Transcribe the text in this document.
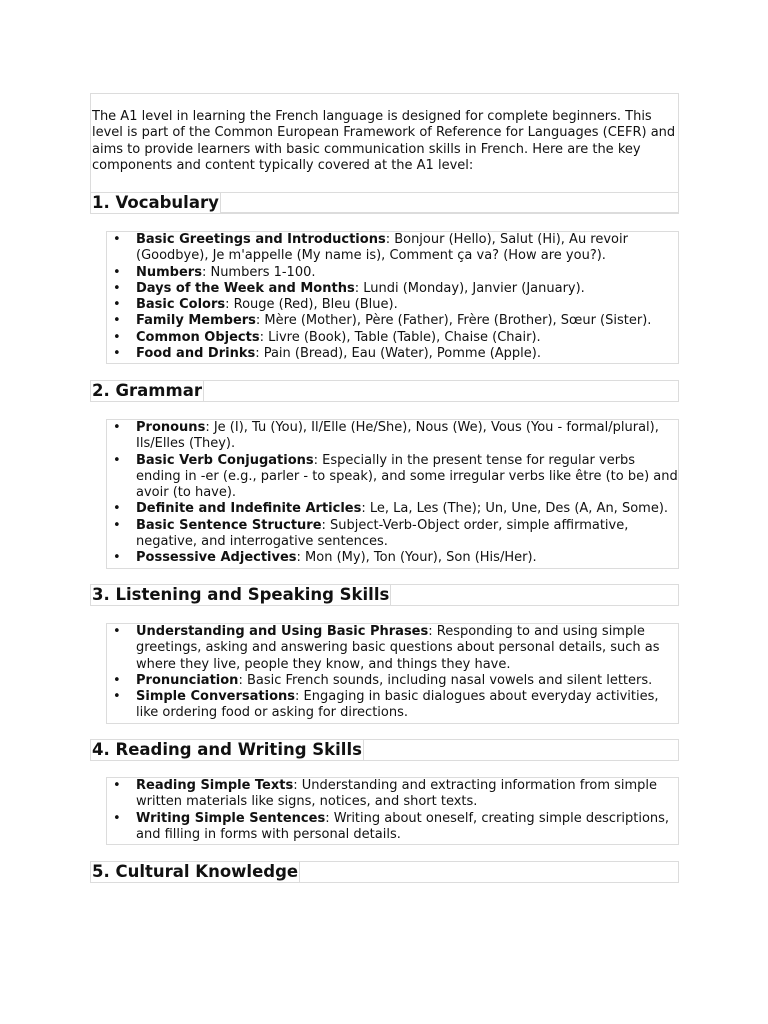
The A1 level in learning the French language is designed for complete beginners. This level is part of the Common European Framework of Reference for Languages (CEFR) and aims to provide learners with basic communication skills in French. Here are the key components and content typically covered at the A1 level:
1. Vocabulary
• Basic Greetings and Introductions: Bonjour (Hello), Salut (Hi), Au revoir (Goodbye), Je m'appelle (My name is), Comment ça va? (How are you?).
• Numbers: Numbers 1-100.
• Days of the Week and Months: Lundi (Monday), Janvier (January).
• Basic Colors: Rouge (Red), Bleu (Blue).
• Family Members: Mère (Mother), Père (Father), Frère (Brother), Sœur (Sister).
• Common Objects: Livre (Book), Table (Table), Chaise (Chair).
• Food and Drinks: Pain (Bread), Eau (Water), Pomme (Apple).
2. Grammar
• Pronouns: Je (I), Tu (You), Il/Elle (He/She), Nous (We), Vous (You - formal/plural), Ils/Elles (They).
• Basic Verb Conjugations: Especially in the present tense for regular verbs ending in -er (e.g., parler - to speak), and some irregular verbs like être (to be) and avoir (to have).
• Definite and Indefinite Articles: Le, La, Les (The); Un, Une, Des (A, An, Some).
• Basic Sentence Structure: Subject-Verb-Object order, simple affirmative, negative, and interrogative sentences.
• Possessive Adjectives: Mon (My), Ton (Your), Son (His/Her).
3. Listening and Speaking Skills
• Understanding and Using Basic Phrases: Responding to and using simple greetings, asking and answering basic questions about personal details, such as where they live, people they know, and things they have.
• Pronunciation: Basic French sounds, including nasal vowels and silent letters.
• Simple Conversations: Engaging in basic dialogues about everyday activities, like ordering food or asking for directions.
4. Reading and Writing Skills
• Reading Simple Texts: Understanding and extracting information from simple written materials like signs, notices, and short texts.
• Writing Simple Sentences: Writing about oneself, creating simple descriptions, and filling in forms with personal details.
5. Cultural Knowledge
